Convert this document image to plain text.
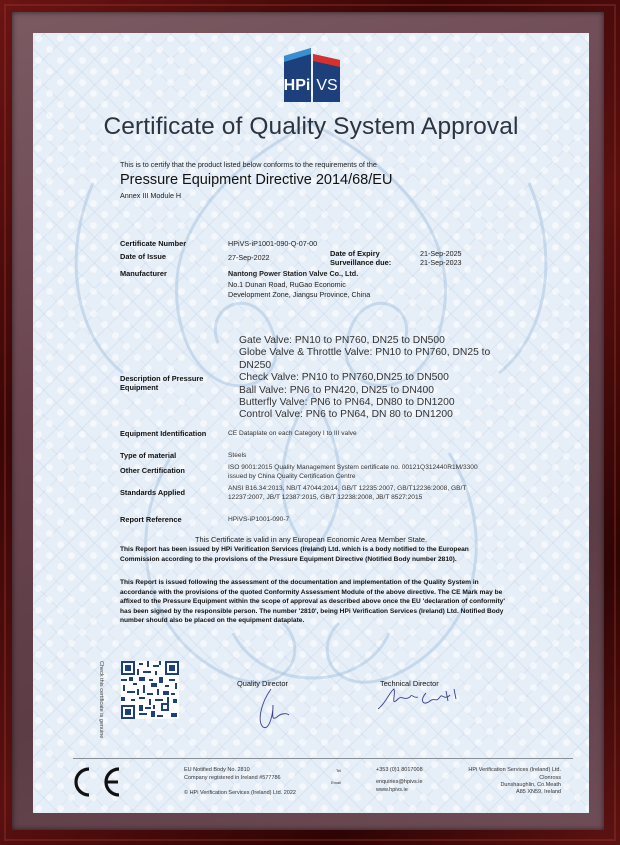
HPi VS
Certificate of Quality System Approval
This is to certify that the product listed below conforms to the requirements of the
Pressure Equipment Directive 2014/68/EU
Annex III Module H
Certificate Number	HPiVS-iP1001-090-Q-07-00
Date of Issue	27-Sep-2022	Date of Expiry	21-Sep-2025
Surveillance due:	21-Sep-2023
Manufacturer	Nantong Power Station Valve Co., Ltd.
No.1 Dunan Road, RuGao Economic
Development Zone, Jiangsu Province, China
Description of Pressure
Equipment
Gate Valve: PN10 to PN760, DN25 to DN500
Globe Valve & Throttle Valve: PN10 to PN760, DN25 to
DN250
Check Valve: PN10 to PN760,DN25 to DN500
Ball Valve: PN6 to PN420, DN25 to DN400
Butterfly Valve: PN6 to PN64, DN80 to DN1200
Control Valve: PN6 to PN64, DN 80 to DN1200
Equipment Identification	CE Dataplate on each Category I to III valve
Type of material	Steels
Other Certification	ISO 9001:2015 Quality Management System certificate no. 00121Q312440R1M/3300
issued by China Quality Certification Centre
Standards Applied	ANSI B16.34:2013, NB/T 47044:2014, GB/T 12235:2007, GB/T12236:2008, GB/T
12237:2007, JB/T 12387:2015, GB/T 12238:2008, JB/T 8527:2015
Report Reference	HPiVS-iP1001-090-7
This Certificate is valid in any European Economic Area Member State.
This Report has been issued by HPi Verification Services (Ireland) Ltd. which is a body notified to the European Commission according to the provisions of the Pressure Equipment Directive (Notified Body number 2810).
This Report is issued following the assessment of the documentation and implementation of the Quality System in accordance with the provisions of the quoted Conformity Assessment Module of the above directive. The CE Mark may be affixed to the Pressure Equipment within the scope of approval as described above once the EU 'declaration of conformity' has been signed by the responsible person. The number '2810', being HPi Verification Services (Ireland) Ltd. Notified Body number should also be placed on the equipment dataplate.
Check this certificate is genuine	Quality Director	Technical Director
CE
EU Notified Body No. 2810
Company registered in Ireland #577786
© HPi Verification Services (Ireland) Ltd. 2022
Tel	+353 (0)1 8017008
Email	enquiries@hpivs.ie
www.hpivs.ie
HPi Verification Services (Ireland) Ltd.
Clonross
Dunshaughlin, Co.Meath
A85 XN59, Ireland
